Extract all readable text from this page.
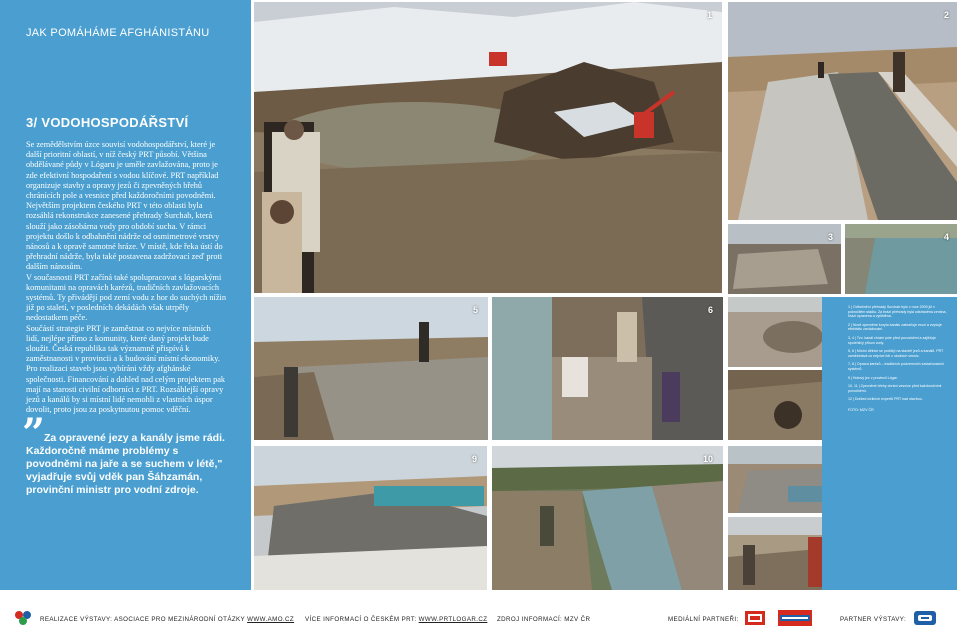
JAK POMÁHÁME AFGHÁNISTÁNU
3/ VODOHOSPODÁŘSTVÍ

Se zemědělstvím úzce souvisí vodohospodářství, které je další prioritní oblastí, v níž český PRT působí. Většina obdělávané půdy v Lógaru je uměle zavlažována, proto je zde efektivní hospodaření s vodou klíčové. PRT například organizuje stavby a opravy jezů či zpevněných břehů chránících pole a vesnice před každoročními povodněmi.

Největším projektem českého PRT v této oblasti byla rozsáhlá rekonstrukce zanesené přehrady Surchab, která slouží jako zásobárna vody pro období sucha. V rámci projektu došlo k odbahnění nádrže od osmimetrové vrstvy nánosů a k opravě samotné hráze. V místě, kde řeka ústí do přehradní nádrže, byla také postavena zadržovací zeď proti dalším nánosům.

V současnosti PRT začíná také spolupracovat s lógarskými komunitami na opravách karézů, tradičních zavlažovacích systémů. Ty přivádějí pod zemí vodu z hor do suchých nížin již po staletí, v posledních dekádách však utrpěly nedostatkem péče.

Součástí strategie PRT je zaměstnat co nejvíce místních lidí, nejlépe přímo z komunity, které daný projekt bude sloužit. Česká republika tak významně přispívá k zaměstnanosti v provincii a k budování místní ekonomiky. Pro realizaci staveb jsou vybíráni vždy afghánské společnosti. Financování a dohled nad celým projektem pak mají na starosti civilní odborníci z PRT. Rozsáhlejší opravy jezů a kanálů by si místní lidé nemohli z vlastních úspor dovolit, proto jsou za poskytnutou pomoc vděční.

”
Za opravené jezy a kanály jsme rádi. Každoročně máme problémy s povodněmi na jaře a se suchem v létě," vyjadřuje svůj vděk pan Šáhzamán, provinční ministr pro vodní zdroje.
1	2
3	4
5	6
9	10

1 | Odbahnění přehrady Surchab bylo v roce 2009 již v pokročilém stádiu. Za hrází přehrady byla odstraněna zemina, hrázi opravena a vyčištěna.

2 | Nově zpevněné koryto kanálu zabraňuje erozi a zvyšuje efektivitu zavlažování.

3, 4 | Tzv. kanál chrání pole před povodněmi a zajišťuje spolehlivý přísun vody.

5, 6 | Místní dělníci se podílejí na stavbě jezů a kanálů. PRT zaměstnává co nejvíce lidí z okolních vesnic.

7, 8 | Oprava karézů – tradičních podzemních zavlažovacích systémů.

9 | Hotový jez v provincii Lógar.

10, 11 | Zpevněné břehy chrání vesnice před každoročními povodněmi.

12 | Dohled civilních expertů PRT nad stavbou.

FOTO: MZV ČR
REALIZACE VÝSTAVY: ASOCIACE PRO MEZINÁRODNÍ OTÁZKY WWW.AMO.CZ VÍCE INFORMACÍ O ČESKÉM PRT: WWW.PRTLOGAR.CZ ZDROJ INFORMACÍ: MZV ČR	MEDIÁLNÍ PARTNEŘI:	PARTNER VÝSTAVY:
